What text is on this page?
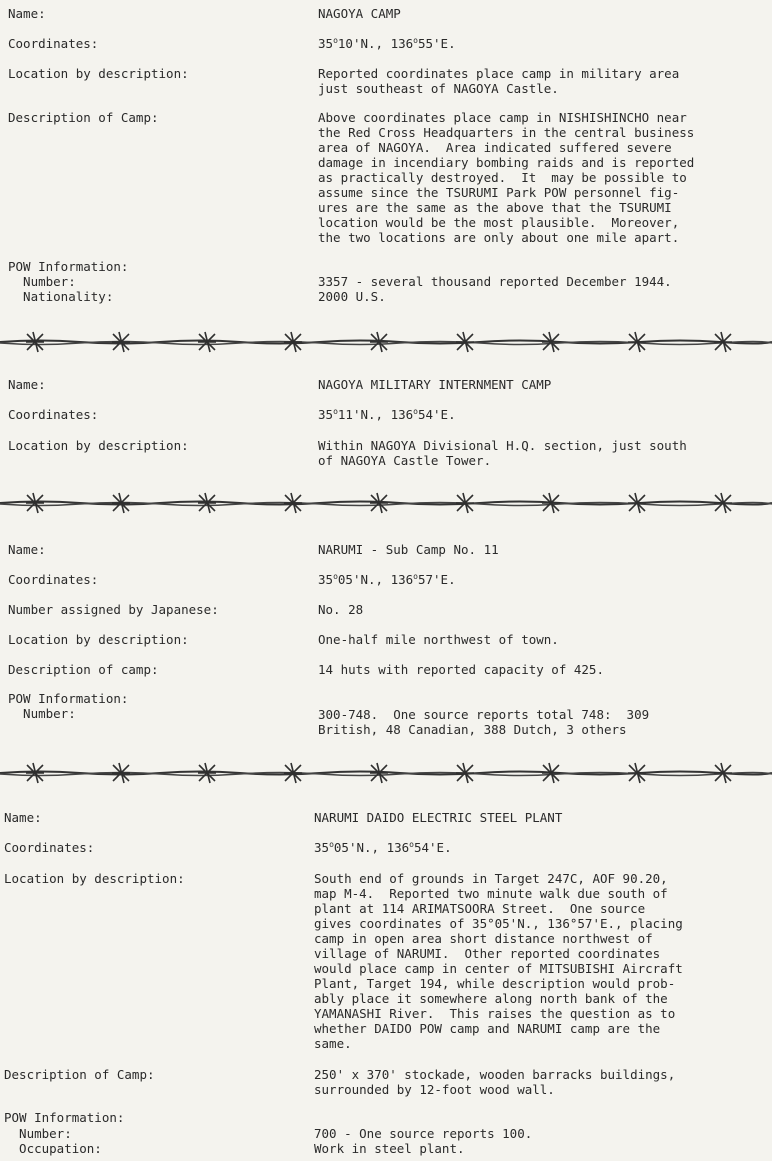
Name:	NAGOYA CAMP
Coordinates:	35$^o$10'N., 136$^o$55'E.
Location by description:	Reported coordinates place camp in military area
just southeast of NAGOYA Castle.
Description of Camp:	Above coordinates place camp in NISHISHINCHO near
the Red Cross Headquarters in the central business
area of NAGOYA.  Area indicated suffered severe
damage in incendiary bombing raids and is reported
as practically destroyed.  It  may be possible to
assume since the TSURUMI Park POW personnel fig-
ures are the same as the above that the TSURUMI
location would be the most plausible.  Moreover,
the two locations are only about one mile apart.
POW Information:
Number:	3357 - several thousand reported December 1944.
Nationality:	2000 U.S.
Name:	NAGOYA MILITARY INTERNMENT CAMP
Coordinates:	35$^o$11'N., 136$^o$54'E.
Location by description:	Within NAGOYA Divisional H.Q. section, just south
of NAGOYA Castle Tower.
Name:	NARUMI - Sub Camp No. 11
Coordinates:	35$^o$05'N., 136$^o$57'E.
Number assigned by Japanese:	No. 28
Location by description:	One-half mile northwest of town.
Description of camp:	14 huts with reported capacity of 425.
POW Information:
Number:	300-748.  One source reports total 748:  309
British, 48 Canadian, 388 Dutch, 3 others
Name:	NARUMI DAIDO ELECTRIC STEEL PLANT
Coordinates:	35$^o$05'N., 136$^o$54'E.
Location by description:	South end of grounds in Target 247C, AOF 90.20,
map M-4.  Reported two minute walk due south of
plant at 114 ARIMATSOORA Street.  One source
gives coordinates of 35°05'N., 136°57'E., placing
camp in open area short distance northwest of
village of NARUMI.  Other reported coordinates
would place camp in center of MITSUBISHI Aircraft
Plant, Target 194, while description would prob-
ably place it somewhere along north bank of the
YAMANASHI River.  This raises the question as to
whether DAIDO POW camp and NARUMI camp are the
same.
Description of Camp:	250' x 370' stockade, wooden barracks buildings,
surrounded by 12-foot wood wall.
POW Information:
Number:	700 - One source reports 100.
Occupation:	Work in steel plant.
